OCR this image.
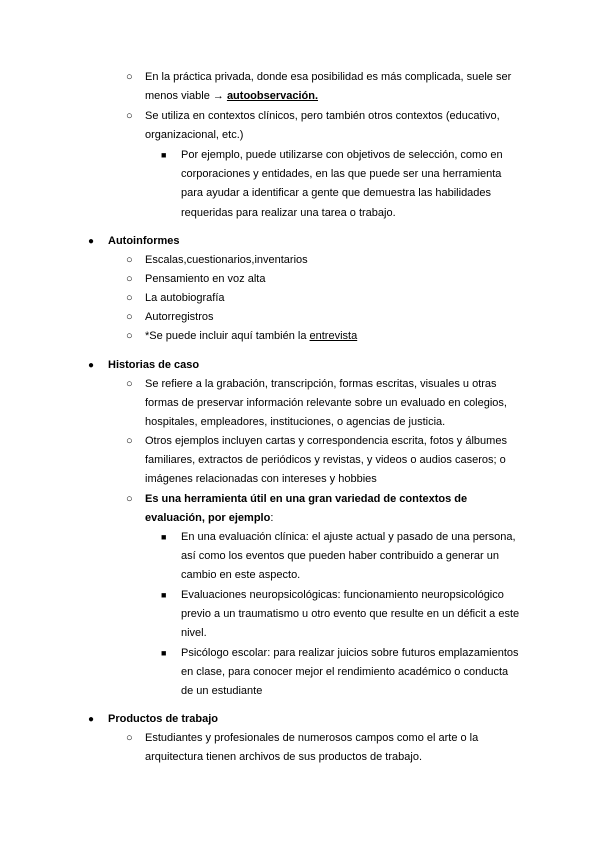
○ En la práctica privada, donde esa posibilidad es más complicada, suele ser menos viable → autoobservación.
○ Se utiliza en contextos clínicos, pero también otros contextos (educativo, organizacional, etc.)
■ Por ejemplo, puede utilizarse con objetivos de selección, como en corporaciones y entidades, en las que puede ser una herramienta para ayudar a identificar a gente que demuestra las habilidades requeridas para realizar una tarea o trabajo.
● Autoinformes
○ Escalas,cuestionarios,inventarios
○ Pensamiento en voz alta
○ La autobiografía
○ Autorregistros
○ *Se puede incluir aquí también la entrevista
● Historias de caso
○ Se refiere a la grabación, transcripción, formas escritas, visuales u otras formas de preservar información relevante sobre un evaluado en colegios, hospitales, empleadores, instituciones, o agencias de justicia.
○ Otros ejemplos incluyen cartas y correspondencia escrita, fotos y álbumes familiares, extractos de periódicos y revistas, y videos o audios caseros; o imágenes relacionadas con intereses y hobbies
○ Es una herramienta útil en una gran variedad de contextos de evaluación, por ejemplo:
■ En una evaluación clínica: el ajuste actual y pasado de una persona, así como los eventos que pueden haber contribuido a generar un cambio en este aspecto.
■ Evaluaciones neuropsicológicas: funcionamiento neuropsicológico previo a un traumatismo u otro evento que resulte en un déficit a este nivel.
■ Psicólogo escolar: para realizar juicios sobre futuros emplazamientos en clase, para conocer mejor el rendimiento académico o conducta de un estudiante
● Productos de trabajo
○ Estudiantes y profesionales de numerosos campos como el arte o la arquitectura tienen archivos de sus productos de trabajo.
